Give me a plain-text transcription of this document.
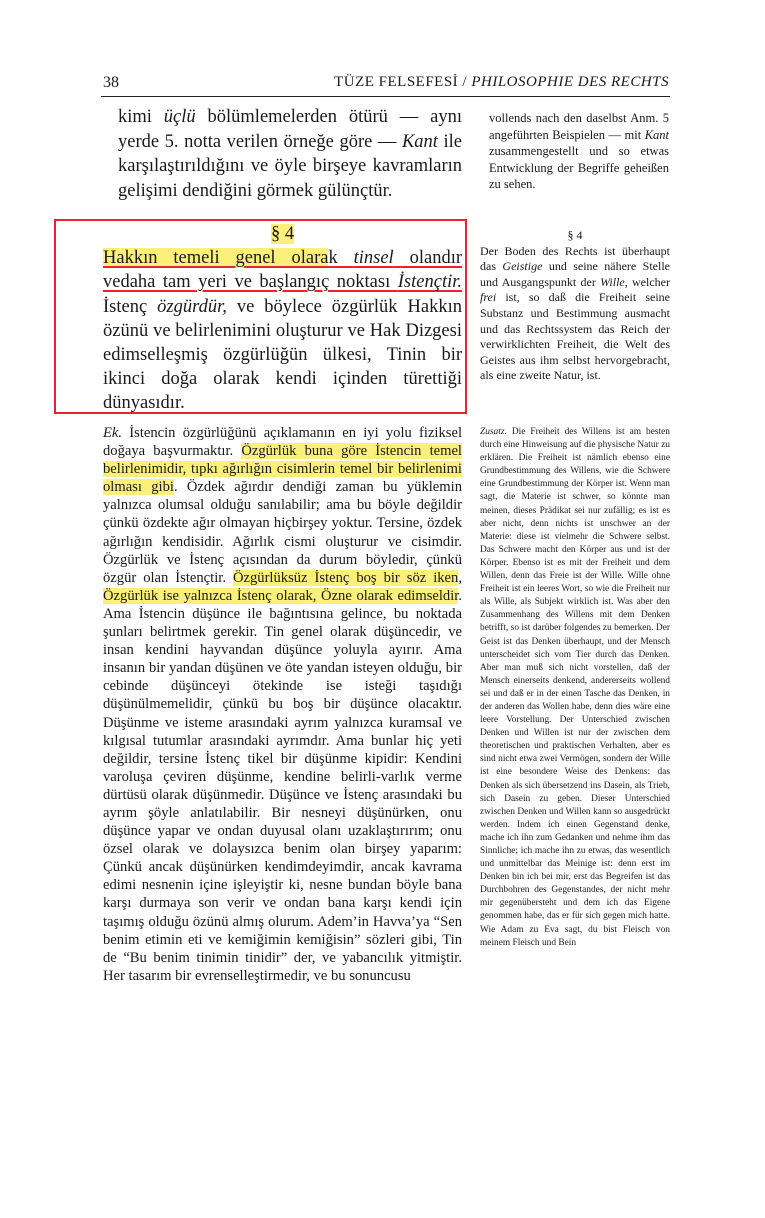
38	TÜZE FELSEFESİ / PHILOSOPHIE DES RECHTS
kimi üçlü bölümlemelerden ötürü — aynı yerde 5. notta verilen örneğe göre — Kant ile karşılaştırıldığını ve öyle birşeye kavramların gelişimi dendiğini görmek gülünçtür.
vollends nach den daselbst Anm. 5 angeführten Beispielen — mit Kant zusammengestellt und so etwas Entwicklung der Begriffe geheißen zu sehen.
§ 4

Hakkın temeli genel olarak tinsel olandır vedaha tam yeri ve başlangıç noktası İstençtir. İstenç özgürdür, ve böylece özgürlük Hakkın özünü ve belirlenimini oluşturur ve Hak Dizgesi edimselleşmiş özgürlüğün ülkesi, Tinin bir ikinci doğa olarak kendi içinden türettiği dünyasıdır.

§ 4

Der Boden des Rechts ist überhaupt das Geistige und seine nähere Stelle und Ausgangspunkt der Wille, welcher frei ist, so daß die Freiheit seine Substanz und Bestimmung ausmacht und das Rechtssystem das Reich der verwirklichten Freiheit, die Welt des Geistes aus ihm selbst hervorgebracht, als eine zweite Natur, ist.

Ek. İstencin özgürlüğünü açıklamanın en iyi yolu fiziksel doğaya başvurmaktır. Özgürlük buna göre İstencin temel belirlenimidir, tıpkı ağırlığın cisimlerin temel bir belirlenimi olması gibi. Özdek ağırdır dendiği zaman bu yüklemin yalnızca olumsal olduğu sanılabilir; ama bu böyle değildir çünkü özdekte ağır olmayan hiçbirşey yoktur. Tersine, özdek ağırlığın kendisidir. Ağırlık cismi oluşturur ve cisimdir. Özgürlük ve İstenç açısından da durum böyledir, çünkü özgür olan İstençtir. Özgürlüksüz İstenç boş bir söz iken, Özgürlük ise yalnızca İstenç olarak, Özne olarak edimseldir. Ama İstencin düşünce ile bağıntısına gelince, bu noktada şunları belirtmek gerekir. Tin genel olarak düşüncedir, ve insan kendini hayvandan düşünce yoluyla ayırır. Ama insanın bir yandan düşünen ve öte yandan isteyen olduğu, bir cebinde düşünceyi ötekinde ise isteği taşıdığı düşünülmemelidir, çünkü bu boş bir düşünce olacaktır. Düşünme ve isteme arasındaki ayrım yalnızca kuramsal ve kılgısal tutumlar arasındaki ayrımdır. Ama bunlar hiç yeti değildir, tersine İstenç tikel bir düşünme kipidir: Kendini varoluşa çeviren düşünme, kendine belirli-varlık verme dürtüsü olarak düşünmedir. Düşünce ve İstenç arasındaki bu ayrım şöyle anlatılabilir. Bir nesneyi düşünürken, onu düşünce yapar ve ondan duyusal olanı uzaklaştırırım; onu özsel olarak ve dolaysızca benim olan birşey yaparım: Çünkü ancak düşünürken kendimdeyimdir, ancak kavrama edimi nesnenin içine işleyiştir ki, nesne bundan böyle bana karşı durmaya son verir ve ondan bana karşı kendi için taşımış olduğu özünü almış olurum. Adem’in Havva’ya “Sen benim etimin eti ve kemiğimin kemiğisin” sözleri gibi, Tin de “Bu benim tinimin tinidir” der, ve yabancılık yitmiştir. Her tasarım bir evrenselleştirmedir, ve bu sonuncusu
Zusatz. Die Freiheit des Willens ist am besten durch eine Hinweisung auf die physische Natur zu erklären. Die Freiheit ist nämlich ebenso eine Grundbestimmung des Willens, wie die Schwere eine Grundbestimmung der Körper ist. Wenn man sagt, die Materie ist schwer, so könnte man meinen, dieses Prädikat sei nur zufällig; es ist es aber nicht, denn nichts ist unschwer an der Materie: diese ist vielmehr die Schwere selbst. Das Schwere macht den Körper aus und ist der Körper. Ebenso ist es mit der Freiheit und dem Willen, denn das Freie ist der Wille. Wille ohne Freiheit ist ein leeres Wort, so wie die Freiheit nur als Wille, als Subjekt wirklich ist. Was aber den Zusammenhang des Willens mit dem Denken betrifft, so ist darüber folgendes zu bemerken. Der Geist ist das Denken überhaupt, und der Mensch unterscheidet sich vom Tier durch das Denken. Aber man muß sich nicht vorstellen, daß der Mensch einerseits denkend, andererseits wollend sei und daß er in der einen Tasche das Denken, in der anderen das Wollen habe, denn dies wäre eine leere Vorstellung. Der Unterschied zwischen Denken und Willen ist nur der zwischen dem theoretischen und praktischen Verhalten, aber es sind nicht etwa zwei Vermögen, sondern der Wille ist eine besondere Weise des Denkens: das Denken als sich übersetzend ins Dasein, als Trieb, sich Dasein zu geben. Dieser Unterschied zwischen Denken und Willen kann so ausgedrückt werden. Indem ich einen Gegenstand denke, mache ich ihn zum Gedanken und nehme ihm das Sinnliche; ich mache ihn zu etwas, das wesentlich und unmittelbar das Meinige ist: denn erst im Denken bin ich bei mir, erst das Begreifen ist das Durchbohren des Gegenstandes, der nicht mehr mir gegenübersteht und dem ich das Eigene genommen habe, das er für sich gegen mich hatte. Wie Adam zu Eva sagt, du bist Fleisch von meinem Fleisch und Bein
